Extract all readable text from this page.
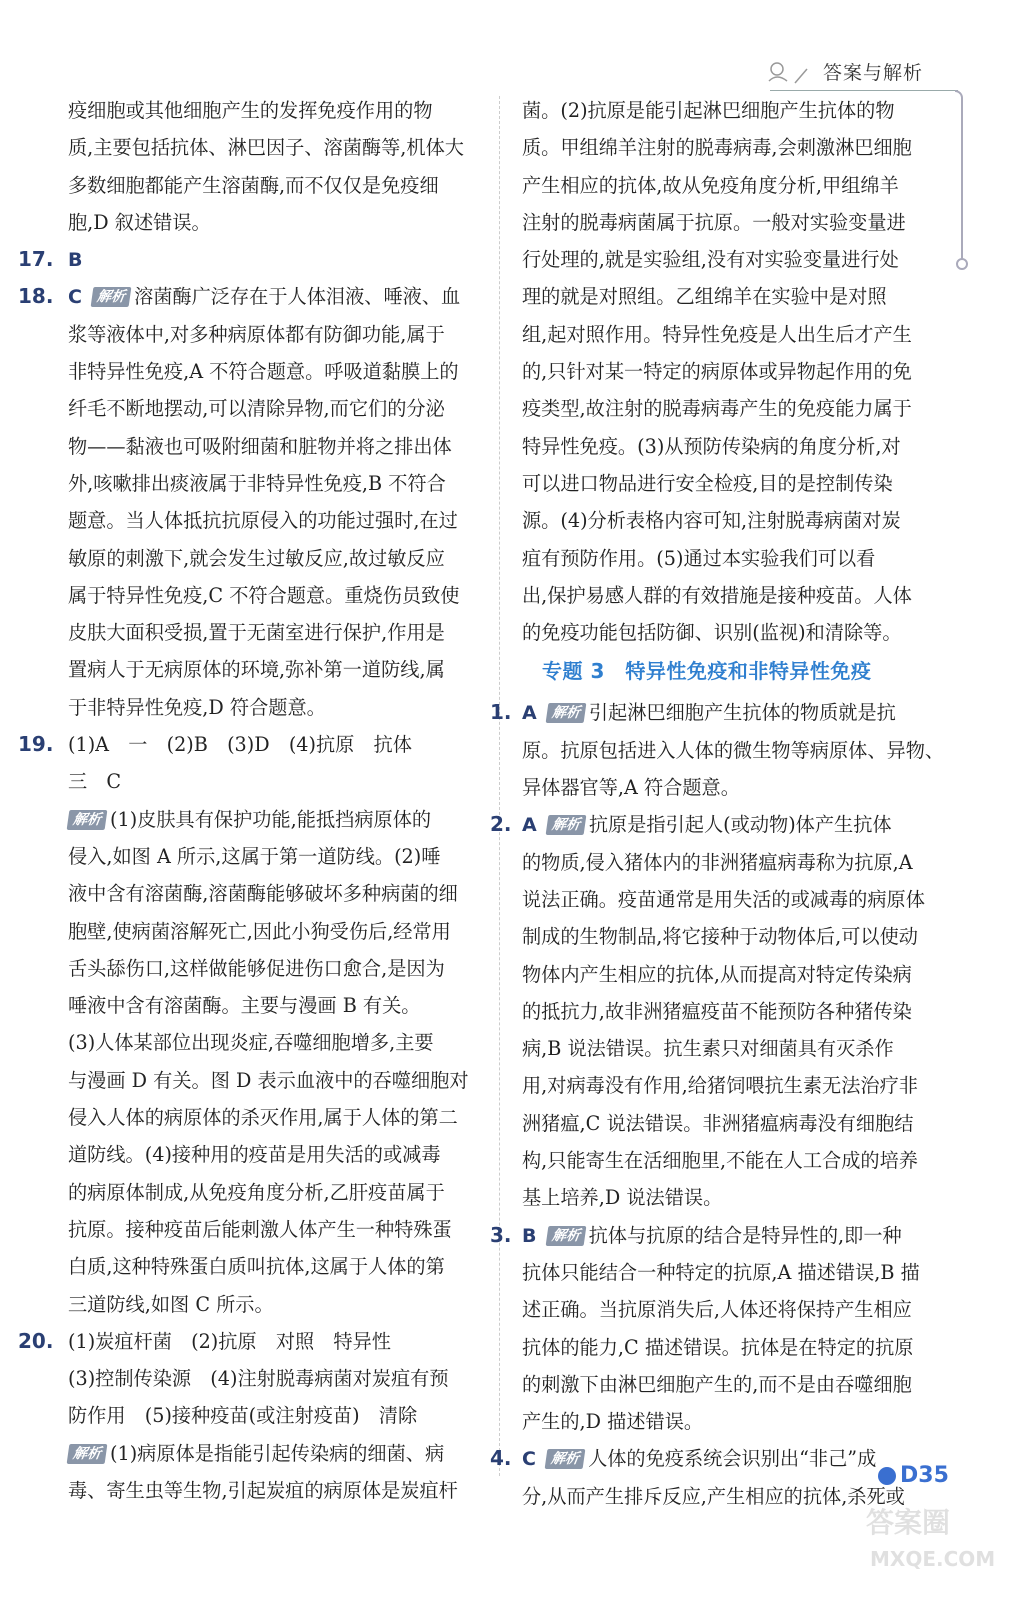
答案与解析
疫细胞或其他细胞产生的发挥免疫作用的物
质,主要包括抗体、淋巴因子、溶菌酶等,机体大
多数细胞都能产生溶菌酶,而不仅仅是免疫细
胞,D 叙述错误。
17. B
18. C 解析 溶菌酶广泛存在于人体泪液、唾液、血
浆等液体中,对多种病原体都有防御功能,属于
非特异性免疫,A 不符合题意。呼吸道黏膜上的
纤毛不断地摆动,可以清除异物,而它们的分泌
物——黏液也可吸附细菌和脏物并将之排出体
外,咳嗽排出痰液属于非特异性免疫,B 不符合
题意。当人体抵抗抗原侵入的功能过强时,在过
敏原的刺激下,就会发生过敏反应,故过敏反应
属于特异性免疫,C 不符合题意。重烧伤员致使
皮肤大面积受损,置于无菌室进行保护,作用是
置病人于无病原体的环境,弥补第一道防线,属
于非特异性免疫,D 符合题意。
19. (1)A　一　(2)B　(3)D　(4)抗原　抗体
三　C
解析 (1)皮肤具有保护功能,能抵挡病原体的
侵入,如图 A 所示,这属于第一道防线。(2)唾
液中含有溶菌酶,溶菌酶能够破坏多种病菌的细
胞壁,使病菌溶解死亡,因此小狗受伤后,经常用
舌头舔伤口,这样做能够促进伤口愈合,是因为
唾液中含有溶菌酶。主要与漫画 B 有关。
(3)人体某部位出现炎症,吞噬细胞增多,主要
与漫画 D 有关。图 D 表示血液中的吞噬细胞对
侵入人体的病原体的杀灭作用,属于人体的第二
道防线。(4)接种用的疫苗是用失活的或减毒
的病原体制成,从免疫角度分析,乙肝疫苗属于
抗原。接种疫苗后能刺激人体产生一种特殊蛋
白质,这种特殊蛋白质叫抗体,这属于人体的第
三道防线,如图 C 所示。
20. (1)炭疽杆菌　(2)抗原　对照　特异性
(3)控制传染源　(4)注射脱毒病菌对炭疽有预
防作用　(5)接种疫苗(或注射疫苗)　清除
解析 (1)病原体是指能引起传染病的细菌、病
毒、寄生虫等生物,引起炭疽的病原体是炭疽杆
菌。(2)抗原是能引起淋巴细胞产生抗体的物
质。甲组绵羊注射的脱毒病毒,会刺激淋巴细胞
产生相应的抗体,故从免疫角度分析,甲组绵羊
注射的脱毒病菌属于抗原。一般对实验变量进
行处理的,就是实验组,没有对实验变量进行处
理的就是对照组。乙组绵羊在实验中是对照
组,起对照作用。特异性免疫是人出生后才产生
的,只针对某一特定的病原体或异物起作用的免
疫类型,故注射的脱毒病毒产生的免疫能力属于
特异性免疫。(3)从预防传染病的角度分析,对
可以进口物品进行安全检疫,目的是控制传染
源。(4)分析表格内容可知,注射脱毒病菌对炭
疽有预防作用。(5)通过本实验我们可以看
出,保护易感人群的有效措施是接种疫苗。人体
的免疫功能包括防御、识别(监视)和清除等。
专题 3　特异性免疫和非特异性免疫
1. A 解析 引起淋巴细胞产生抗体的物质就是抗
原。抗原包括进入人体的微生物等病原体、异物、
异体器官等,A 符合题意。
2. A 解析 抗原是指引起人(或动物)体产生抗体
的物质,侵入猪体内的非洲猪瘟病毒称为抗原,A
说法正确。疫苗通常是用失活的或减毒的病原体
制成的生物制品,将它接种于动物体后,可以使动
物体内产生相应的抗体,从而提高对特定传染病
的抵抗力,故非洲猪瘟疫苗不能预防各种猪传染
病,B 说法错误。抗生素只对细菌具有灭杀作
用,对病毒没有作用,给猪饲喂抗生素无法治疗非
洲猪瘟,C 说法错误。非洲猪瘟病毒没有细胞结
构,只能寄生在活细胞里,不能在人工合成的培养
基上培养,D 说法错误。
3. B 解析 抗体与抗原的结合是特异性的,即一种
抗体只能结合一种特定的抗原,A 描述错误,B 描
述正确。当抗原消失后,人体还将保持产生相应
抗体的能力,C 描述错误。抗体是在特定的抗原
的刺激下由淋巴细胞产生的,而不是由吞噬细胞
产生的,D 描述错误。
4. C 解析 人体的免疫系统会识别出“非己”成
分,从而产生排斥反应,产生相应的抗体,杀死或
D35
答案圈
MXQE.COM
